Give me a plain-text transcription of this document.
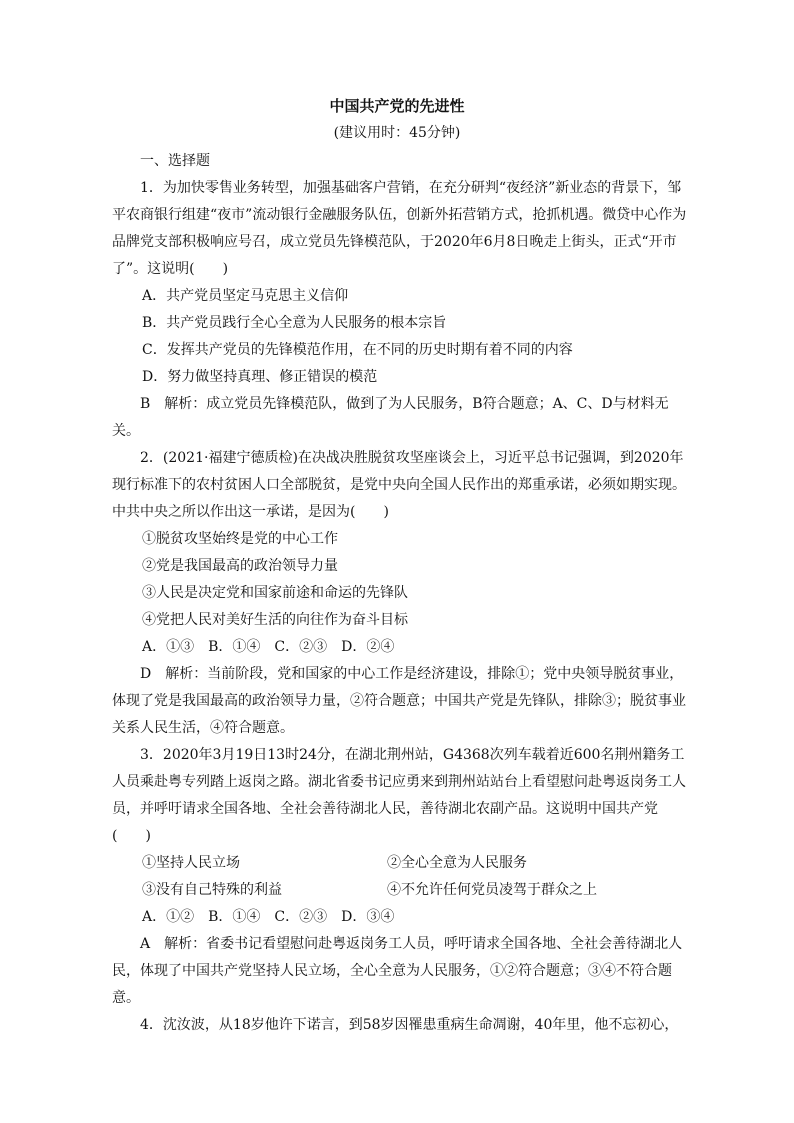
中国共产党的先进性
(建议用时：45分钟)

一、选择题

1．为加快零售业务转型，加强基础客户营销，在充分研判“夜经济”新业态的背景下，邹平农商银行组建“夜市”流动银行金融服务队伍，创新外拓营销方式，抢抓机遇。微贷中心作为品牌党支部积极响应号召，成立党员先锋模范队，于2020年6月8日晚走上街头，正式“开市了”。这说明(　　)

A．共产党员坚定马克思主义信仰

B．共产党员践行全心全意为人民服务的根本宗旨

C．发挥共产党员的先锋模范作用，在不同的历史时期有着不同的内容

D．努力做坚持真理、修正错误的模范

B　解析：成立党员先锋模范队，做到了为人民服务，B符合题意；A、C、D与材料无关。

2．(2021·福建宁德质检)在决战决胜脱贫攻坚座谈会上，习近平总书记强调，到2020年现行标准下的农村贫困人口全部脱贫，是党中央向全国人民作出的郑重承诺，必须如期实现。中共中央之所以作出这一承诺，是因为(　　)

①脱贫攻坚始终是党的中心工作

②党是我国最高的政治领导力量

③人民是决定党和国家前途和命运的先锋队

④党把人民对美好生活的向往作为奋斗目标

A．①③　B．①④　C．②③　D．②④

D　解析：当前阶段，党和国家的中心工作是经济建设，排除①；党中央领导脱贫事业，体现了党是我国最高的政治领导力量，②符合题意；中国共产党是先锋队，排除③；脱贫事业关系人民生活，④符合题意。

3．2020年3月19日13时24分，在湖北荆州站，G4368次列车载着近600名荆州籍务工人员乘赴粤专列踏上返岗之路。湖北省委书记应勇来到荆州站站台上看望慰问赴粤返岗务工人员，并呼吁请求全国各地、全社会善待湖北人民，善待湖北农副产品。这说明中国共产党(　　)

①坚持人民立场	②全心全意为人民服务
③没有自己特殊的利益	④不允许任何党员凌驾于群众之上

A．①②　B．①④　C．②③　D．③④

A　解析：省委书记看望慰问赴粤返岗务工人员，呼吁请求全国各地、全社会善待湖北人民，体现了中国共产党坚持人民立场，全心全意为人民服务，①②符合题意；③④不符合题意。

4．沈汝波，从18岁他许下诺言，到58岁因罹患重病生命凋谢，40年里，他不忘初心，
